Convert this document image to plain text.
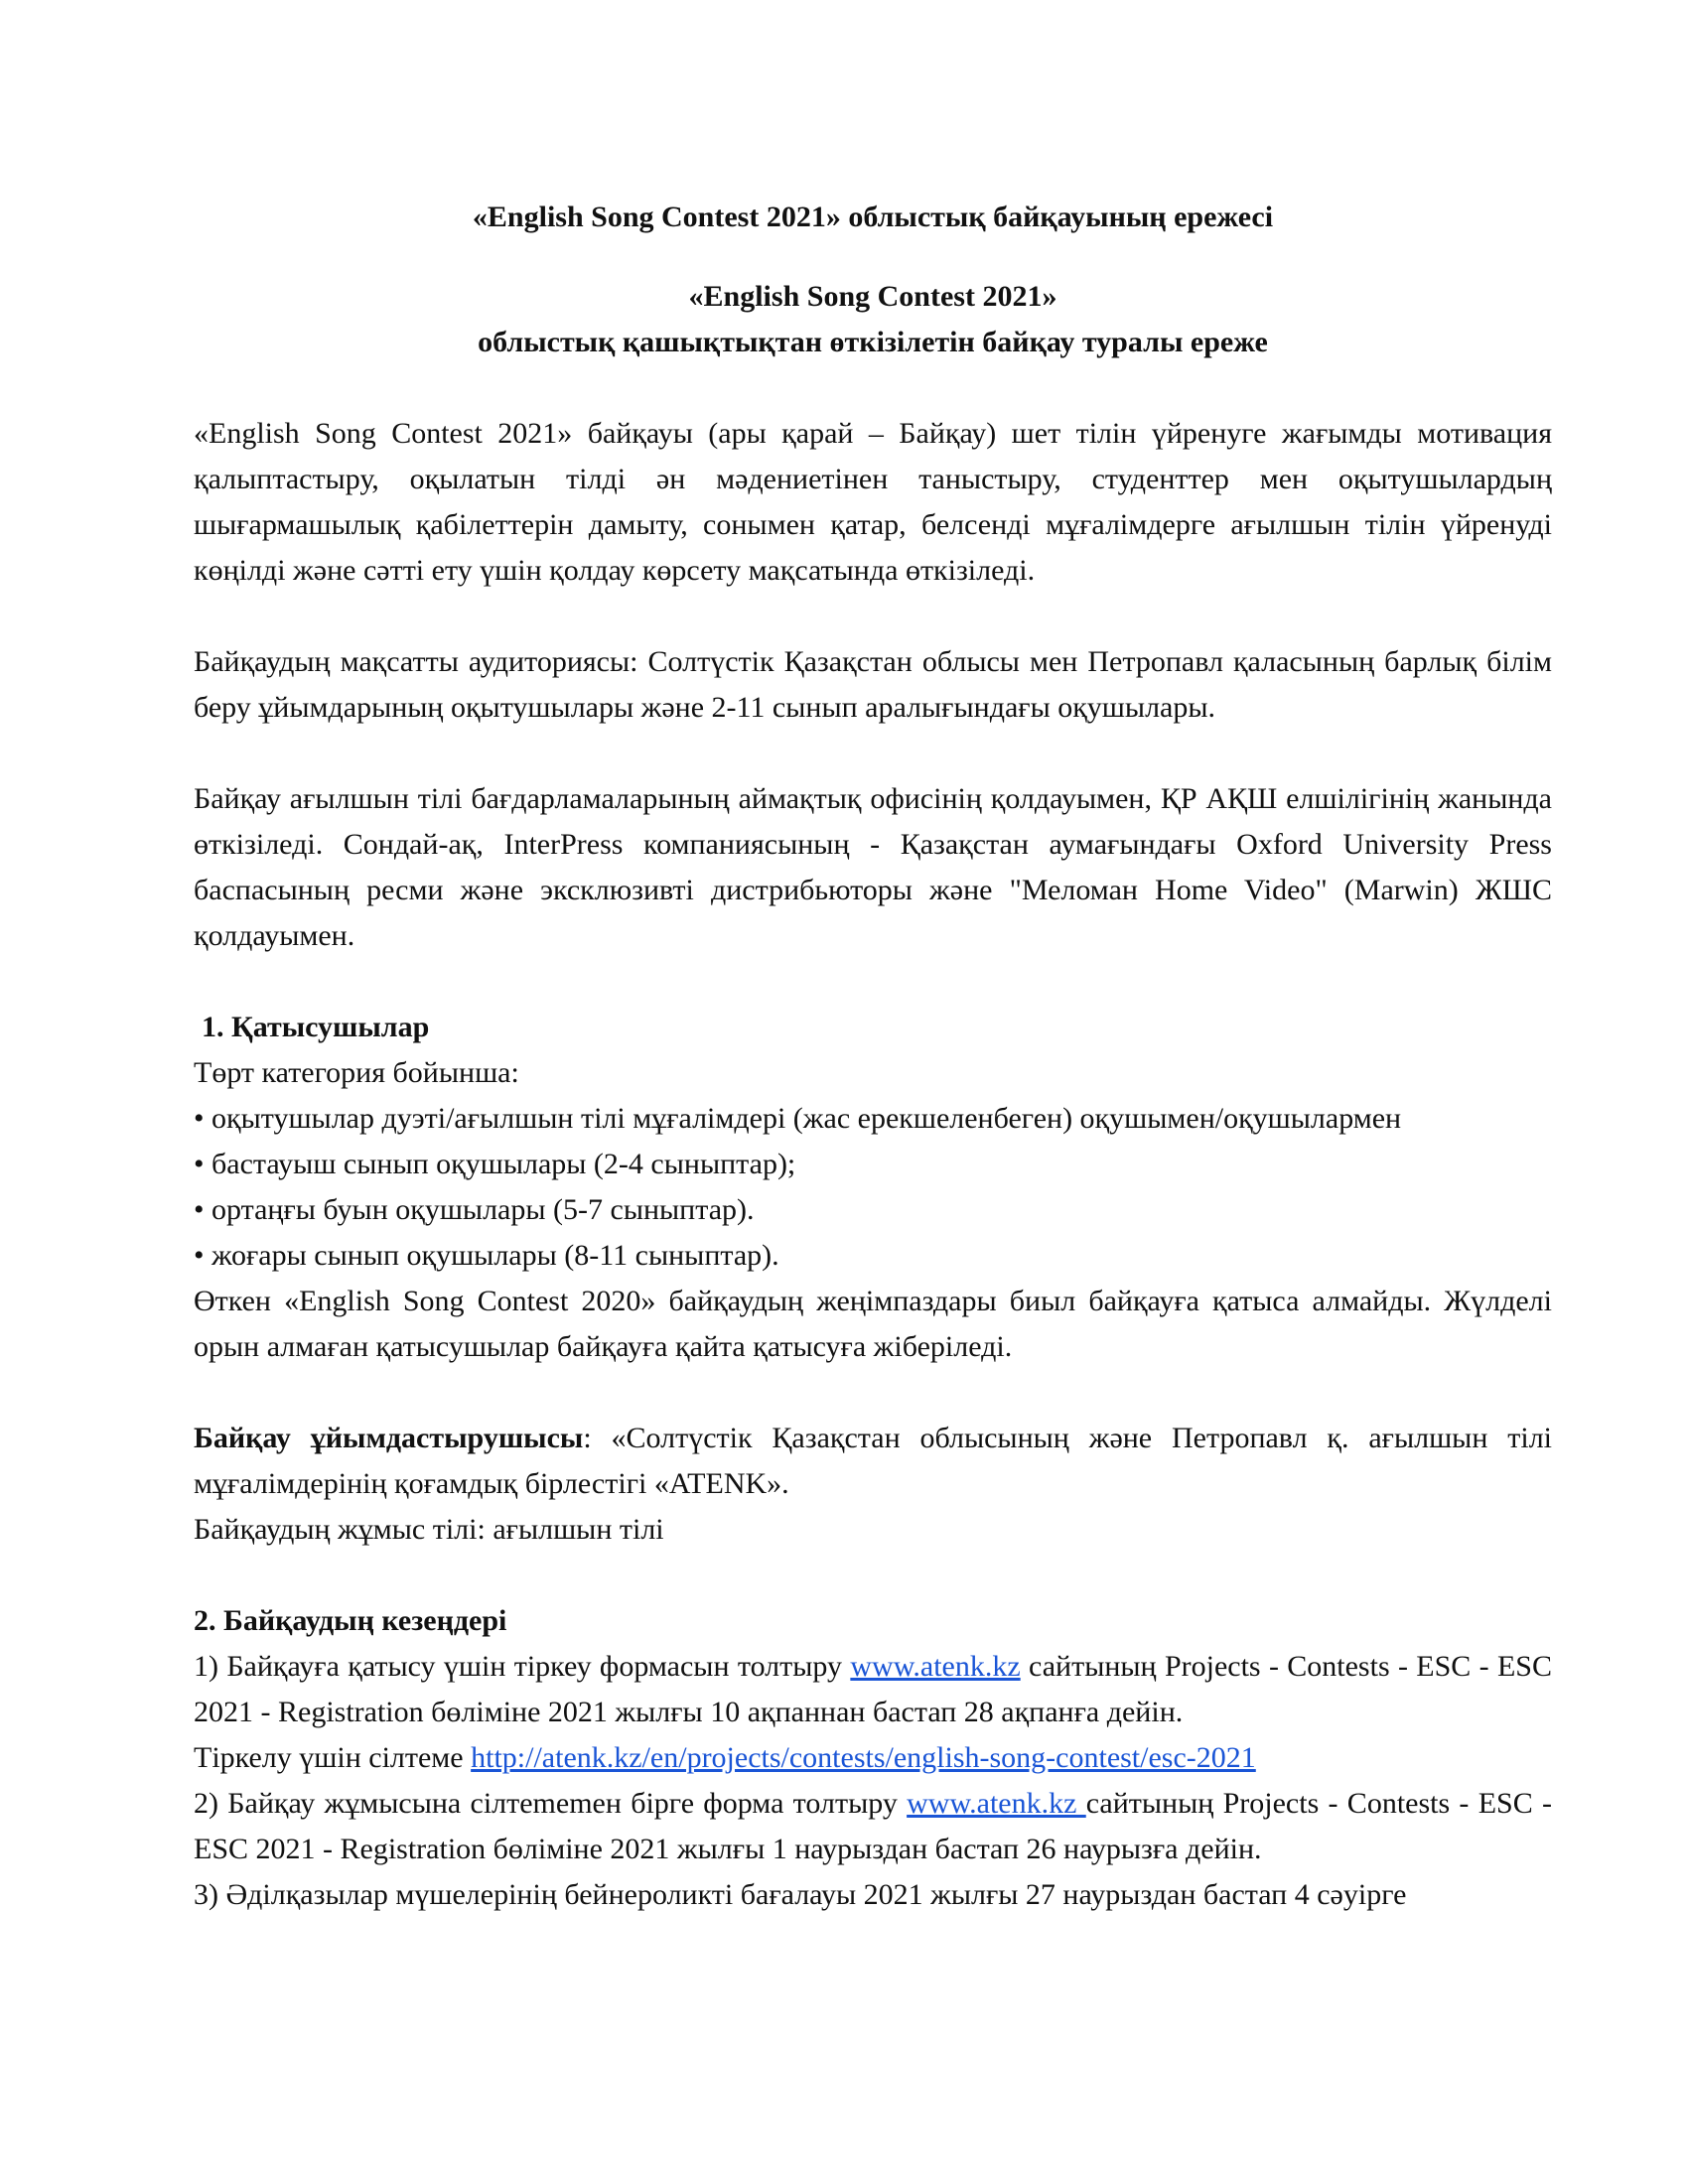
«English Song Contest 2021» облыстық байқауының ережесі

«English Song Contest 2021»

облыстық қашықтықтан өткізілетін байқау туралы ереже

«English Song Contest 2021» байқауы (ары қарай – Байқау) шет тілін үйренуге жағымды мотивация қалыптастыру, оқылатын тілді ән мәдениетінен таныстыру, студенттер мен оқытушылардың шығармашылық қабілеттерін дамыту, сонымен қатар, белсенді мұғалімдерге ағылшын тілін үйренуді көңілді және сәтті ету үшін қолдау көрсету мақсатында өткізіледі.

Байқаудың мақсатты аудиториясы: Солтүстік Қазақстан облысы мен Петропавл қаласының барлық білім беру ұйымдарының оқытушылары және 2-11 сынып аралығындағы оқушылары.

Байқау ағылшын тілі бағдарламаларының аймақтық офисінің қолдауымен, ҚР АҚШ елшілігінің жанында өткізіледі. Сондай-ақ, InterPress компаниясының - Қазақстан аумағындағы Oxford University Press баспасының ресми және эксклюзивті дистрибьюторы және "Меломан Home Video" (Marwin) ЖШС қолдауымен.

1. Қатысушылар

Төрт категория бойынша:

• оқытушылар дуэті/ағылшын тілі мұғалімдері (жас ерекшеленбеген) оқушымен/оқушылармен
• бастауыш сынып оқушылары (2-4 сыныптар);
• ортаңғы буын оқушылары (5-7 сыныптар).
• жоғары сынып оқушылары (8-11 сыныптар).

Өткен «English Song Contest 2020» байқаудың жеңімпаздары биыл байқауға қатыса алмайды. Жүлделі орын алмаған қатысушылар байқауға қайта қатысуға жіберіледі.

Байқау ұйымдастырушысы: «Солтүстік Қазақстан облысының және Петропавл қ. ағылшын тілі мұғалімдерінің қоғамдық бірлестігі «ATENK».

Байқаудың жұмыс тілі: ағылшын тілі

2. Байқаудың кезеңдері

1) Байқауға қатысу үшін тіркеу формасын толтыру www.atenk.kz сайтының Projects - Contests - ESC - ESC 2021 - Registration бөліміне 2021 жылғы 10 ақпаннан бастап 28 ақпанға дейін.

Тіркелу үшін сілтеме http://atenk.kz/en/projects/contests/english-song-contest/esc-2021

2) Байқау жұмысына сілтememен бірге форма толтыру www.atenk.kz сайтының Projects - Contests - ESC - ESC 2021 - Registration бөліміне 2021 жылғы 1 наурыздан бастап 26 наурызға дейін.

3) Әділқазылар мүшелерінің бейнероликті бағалауы 2021 жылғы 27 наурыздан бастап 4 сәуірге
